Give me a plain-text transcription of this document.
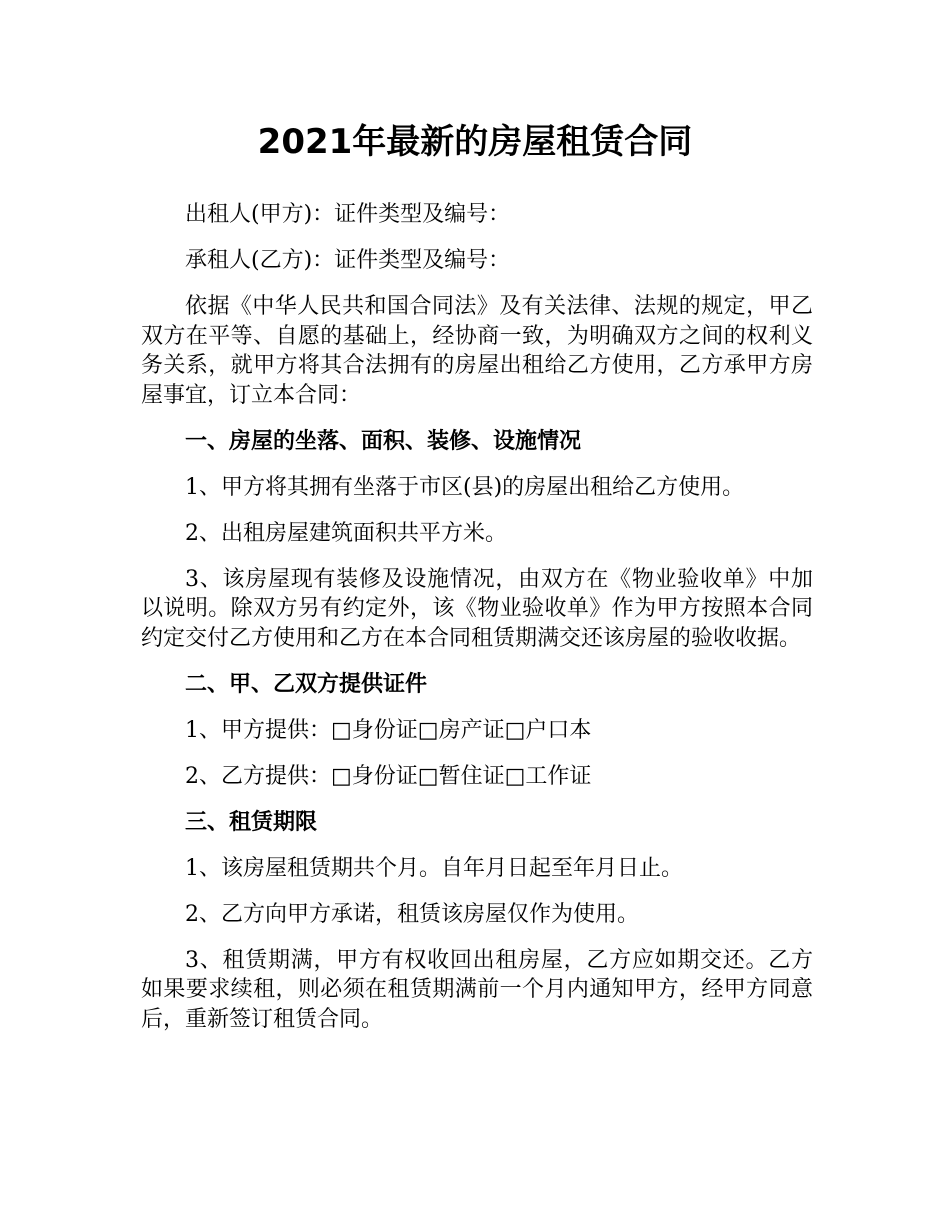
2021年最新的房屋租赁合同

出租人(甲方)：证件类型及编号：

承租人(乙方)：证件类型及编号：

依据《中华人民共和国合同法》及有关法律、法规的规定，甲乙双方在平等、自愿的基础上，经协商一致，为明确双方之间的权利义务关系，就甲方将其合法拥有的房屋出租给乙方使用，乙方承甲方房屋事宜，订立本合同：

一、房屋的坐落、面积、装修、设施情况

1、甲方将其拥有坐落于市区(县)的房屋出租给乙方使用。

2、出租房屋建筑面积共平方米。

3、该房屋现有装修及设施情况，由双方在《物业验收单》中加以说明。除双方另有约定外，该《物业验收单》作为甲方按照本合同约定交付乙方使用和乙方在本合同租赁期满交还该房屋的验收收据。

二、甲、乙双方提供证件

1、甲方提供：□身份证□房产证□户口本

2、乙方提供：□身份证□暂住证□工作证

三、租赁期限

1、该房屋租赁期共个月。自年月日起至年月日止。

2、乙方向甲方承诺，租赁该房屋仅作为使用。

3、租赁期满，甲方有权收回出租房屋，乙方应如期交还。乙方如果要求续租，则必须在租赁期满前一个月内通知甲方，经甲方同意后，重新签订租赁合同。
